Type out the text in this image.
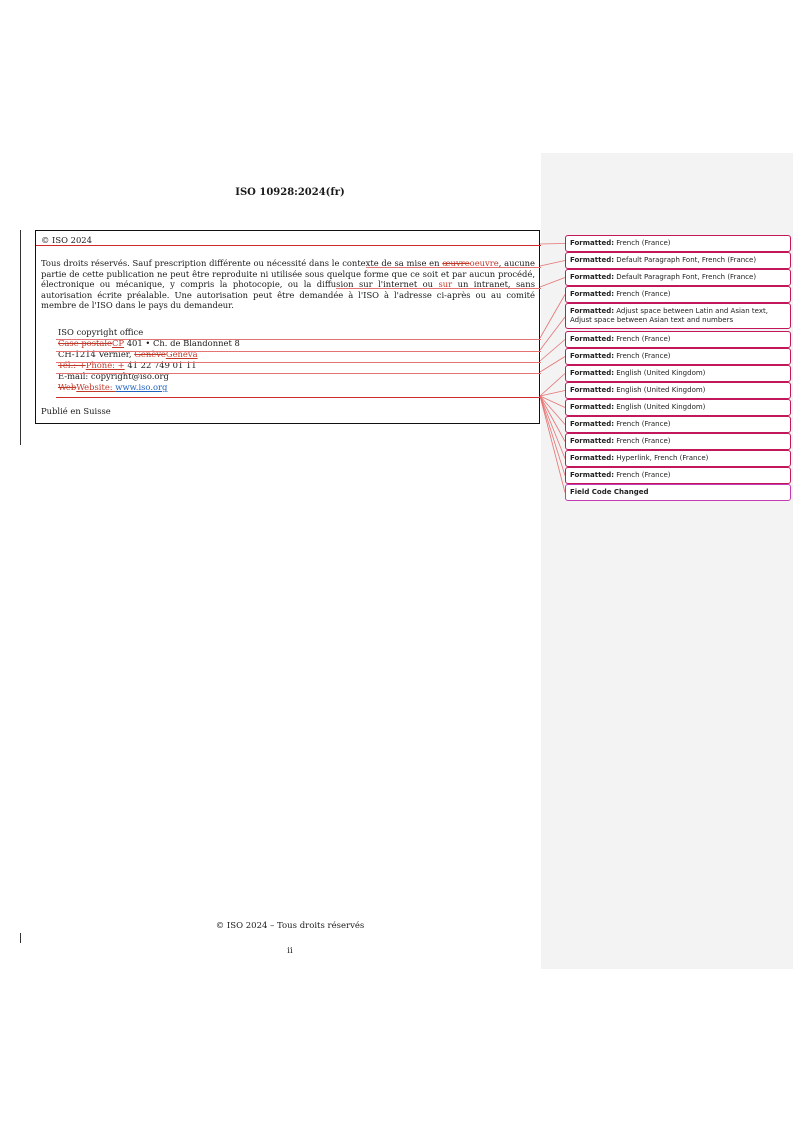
ISO 10928:2024(fr)
© ISO 2024
Tous droits réservés. Sauf prescription différente ou nécessité dans le contexte de sa mise en œuvreoeuvre, aucune partie de cette publication ne peut être reproduite ni utilisée sous quelque forme que ce soit et par aucun procédé, électronique ou mécanique, y compris la photocopie, ou la diffusion sur l'internet ou sur un intranet, sans autorisation écrite préalable. Une autorisation peut être demandée à l'ISO à l'adresse ci-après ou au comité membre de l'ISO dans le pays du demandeur.
ISO copyright office
Case postaleCP 401 • Ch. de Blandonnet 8
CH-1214 Vernier, GenèveGeneva
Tél.: +Phone: + 41 22 749 01 11
E-mail: copyright@iso.org
WebWebsite: www.iso.org
Publié en Suisse
Formatted: French (France)
Formatted: Default Paragraph Font, French (France)
Formatted: Default Paragraph Font, French (France)
Formatted: French (France)
Formatted: Adjust space between Latin and Asian text, Adjust space between Asian text and numbers
Formatted: French (France)
Formatted: French (France)
Formatted: English (United Kingdom)
Formatted: English (United Kingdom)
Formatted: English (United Kingdom)
Formatted: French (France)
Formatted: French (France)
Formatted: Hyperlink, French (France)
Formatted: French (France)
Field Code Changed
© ISO 2024 – Tous droits réservés
ii
